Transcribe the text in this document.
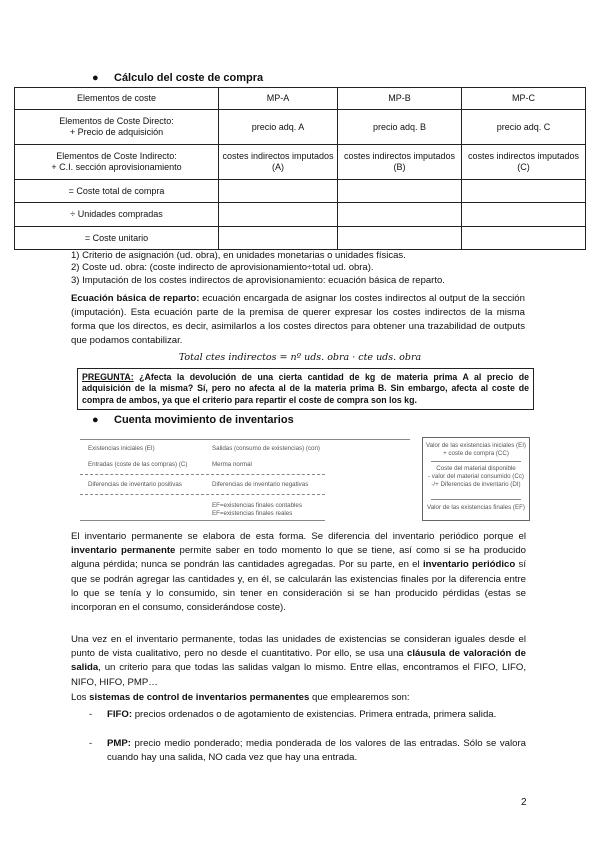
● Cálculo del coste de compra
Elementos de coste	MP-A	MP-B	MP-C

Elementos de Coste Directo:
+ Precio de adquisición	precio adq. A	precio adq. B	precio adq. C

Elementos de Coste Indirecto:
+ C.I. sección aprovisionamiento	costes indirectos imputados (A)	costes indirectos imputados (B)	costes indirectos imputados (C)
= Coste total de compra			
÷ Unidades compradas			
= Coste unitario			
1) Criterio de asignación (ud. obra), en unidades monetarias o unidades físicas.
2) Coste ud. obra: (coste indirecto de aprovisionamiento÷total ud. obra).
3) Imputación de los costes indirectos de aprovisionamiento: ecuación básica de reparto.
Ecuación básica de reparto: ecuación encargada de asignar los costes indirectos al output de la sección (imputación). Esta ecuación parte de la premisa de querer expresar los costes indirectos de la misma forma que los directos, es decir, asimilarlos a los costes directos para obtener una trazabilidad de outputs que podamos contabilizar.
Total ctes indirectos = nº uds. obra · cte uds. obra
PREGUNTA: ¿Afecta la devolución de una cierta cantidad de kg de materia prima A al precio de adquisición de la misma? Sí, pero no afecta al de la materia prima B. Sin embargo, afecta al coste de compra de ambos, ya que el criterio para repartir el coste de compra son los kg.
● Cuenta movimiento de inventarios
Existencias iniciales (EI)	Salidas (consumo de existencias) (con)
Entradas (coste de las compras) (C)	Merma normal
Diferencias de inventario positivas	Diferencias de inventario negativas
EF=existencias finales contables
EF=existencias finales reales
Valor de las existencias iniciales (EI)
+ coste de compra (CC)
Coste del material disponible
- valor del material consumido (Cc)
-/+ Diferencias de inventario (DI)
Valor de las existencias finales (EF)
El inventario permanente se elabora de esta forma. Se diferencia del inventario periódico porque el inventario permanente permite saber en todo momento lo que se tiene, así como si se ha producido alguna pérdida; nunca se pondrán las cantidades agregadas. Por su parte, en el inventario periódico sí que se podrán agregar las cantidades y, en él, se calcularán las existencias finales por la diferencia entre lo que se tenía y lo consumido, sin tener en consideración si se han producido pérdidas (estas se incorporan en el consumo, considerándose coste).
Una vez en el inventario permanente, todas las unidades de existencias se consideran iguales desde el punto de vista cualitativo, pero no desde el cuantitativo. Por ello, se usa una cláusula de valoración de salida, un criterio para que todas las salidas valgan lo mismo. Entre ellas, encontramos el FIFO, LIFO, NIFO, HIFO, PMP…
Los sistemas de control de inventarios permanentes que emplearemos son:
- FIFO: precios ordenados o de agotamiento de existencias. Primera entrada, primera salida.
- PMP: precio medio ponderado; media ponderada de los valores de las entradas. Sólo se valora cuando hay una salida, NO cada vez que hay una entrada.
2
